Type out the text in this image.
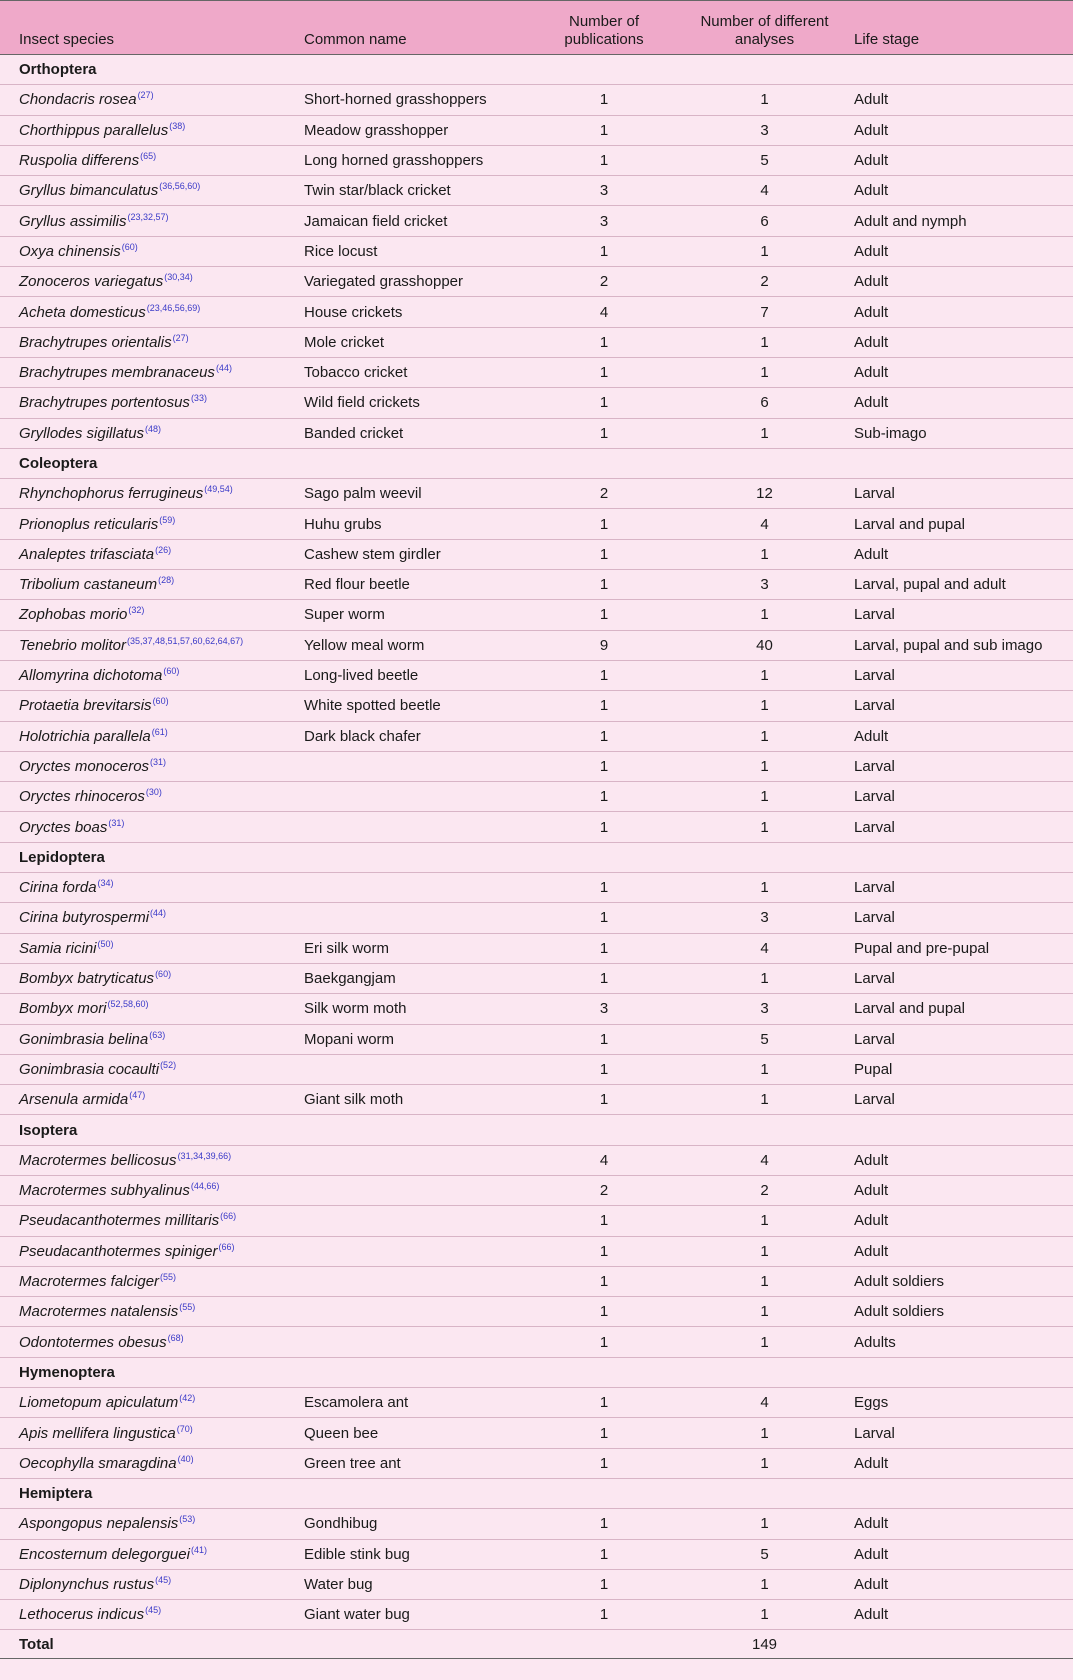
Insect species	Common name	Number of publications	Number of different analyses	Life stage
Orthoptera				
Chondacris rosea$^{(27)}$	Short-horned grasshoppers	1	1	Adult
Chorthippus parallelus$^{(38)}$	Meadow grasshopper	1	3	Adult
Ruspolia differens$^{(65)}$	Long horned grasshoppers	1	5	Adult
Gryllus bimanculatus$^{(36,56,60)}$	Twin star/black cricket	3	4	Adult
Gryllus assimilis$^{(23,32,57)}$	Jamaican field cricket	3	6	Adult and nymph
Oxya chinensis$^{(60)}$	Rice locust	1	1	Adult
Zonoceros variegatus$^{(30,34)}$	Variegated grasshopper	2	2	Adult
Acheta domesticus$^{(23,46,56,69)}$	House crickets	4	7	Adult
Brachytrupes orientalis$^{(27)}$	Mole cricket	1	1	Adult
Brachytrupes membranaceus$^{(44)}$	Tobacco cricket	1	1	Adult
Brachytrupes portentosus$^{(33)}$	Wild field crickets	1	6	Adult
Gryllodes sigillatus$^{(48)}$	Banded cricket	1	1	Sub-imago
Coleoptera				
Rhynchophorus ferrugineus$^{(49,54)}$	Sago palm weevil	2	12	Larval
Prionoplus reticularis$^{(59)}$	Huhu grubs	1	4	Larval and pupal
Analeptes trifasciata$^{(26)}$	Cashew stem girdler	1	1	Adult
Tribolium castaneum$^{(28)}$	Red flour beetle	1	3	Larval, pupal and adult
Zophobas morio$^{(32)}$	Super worm	1	1	Larval
Tenebrio molitor$^{(35,37,48,51,57,60,62,64,67)}$	Yellow meal worm	9	40	Larval, pupal and sub imago
Allomyrina dichotoma$^{(60)}$	Long-lived beetle	1	1	Larval
Protaetia brevitarsis$^{(60)}$	White spotted beetle	1	1	Larval
Holotrichia parallela$^{(61)}$	Dark black chafer	1	1	Adult
Oryctes monoceros$^{(31)}$		1	1	Larval
Oryctes rhinoceros$^{(30)}$		1	1	Larval
Oryctes boas$^{(31)}$		1	1	Larval
Lepidoptera				
Cirina forda$^{(34)}$		1	1	Larval
Cirina butyrospermi$^{(44)}$		1	3	Larval
Samia ricini$^{(50)}$	Eri silk worm	1	4	Pupal and pre-pupal
Bombyx batryticatus$^{(60)}$	Baekgangjam	1	1	Larval
Bombyx mori$^{(52,58,60)}$	Silk worm moth	3	3	Larval and pupal
Gonimbrasia belina$^{(63)}$	Mopani worm	1	5	Larval
Gonimbrasia cocaulti$^{(52)}$		1	1	Pupal
Arsenula armida$^{(47)}$	Giant silk moth	1	1	Larval
Isoptera				
Macrotermes bellicosus$^{(31,34,39,66)}$		4	4	Adult
Macrotermes subhyalinus$^{(44,66)}$		2	2	Adult
Pseudacanthotermes millitaris$^{(66)}$		1	1	Adult
Pseudacanthotermes spiniger$^{(66)}$		1	1	Adult
Macrotermes falciger$^{(55)}$		1	1	Adult soldiers
Macrotermes natalensis$^{(55)}$		1	1	Adult soldiers
Odontotermes obesus$^{(68)}$		1	1	Adults
Hymenoptera				
Liometopum apiculatum$^{(42)}$	Escamolera ant	1	4	Eggs
Apis mellifera lingustica$^{(70)}$	Queen bee	1	1	Larval
Oecophylla smaragdina$^{(40)}$	Green tree ant	1	1	Adult
Hemiptera				
Aspongopus nepalensis$^{(53)}$	Gondhibug	1	1	Adult
Encosternum delegorguei$^{(41)}$	Edible stink bug	1	5	Adult
Diplonynchus rustus$^{(45)}$	Water bug	1	1	Adult
Lethocerus indicus$^{(45)}$	Giant water bug	1	1	Adult
Total			149	
